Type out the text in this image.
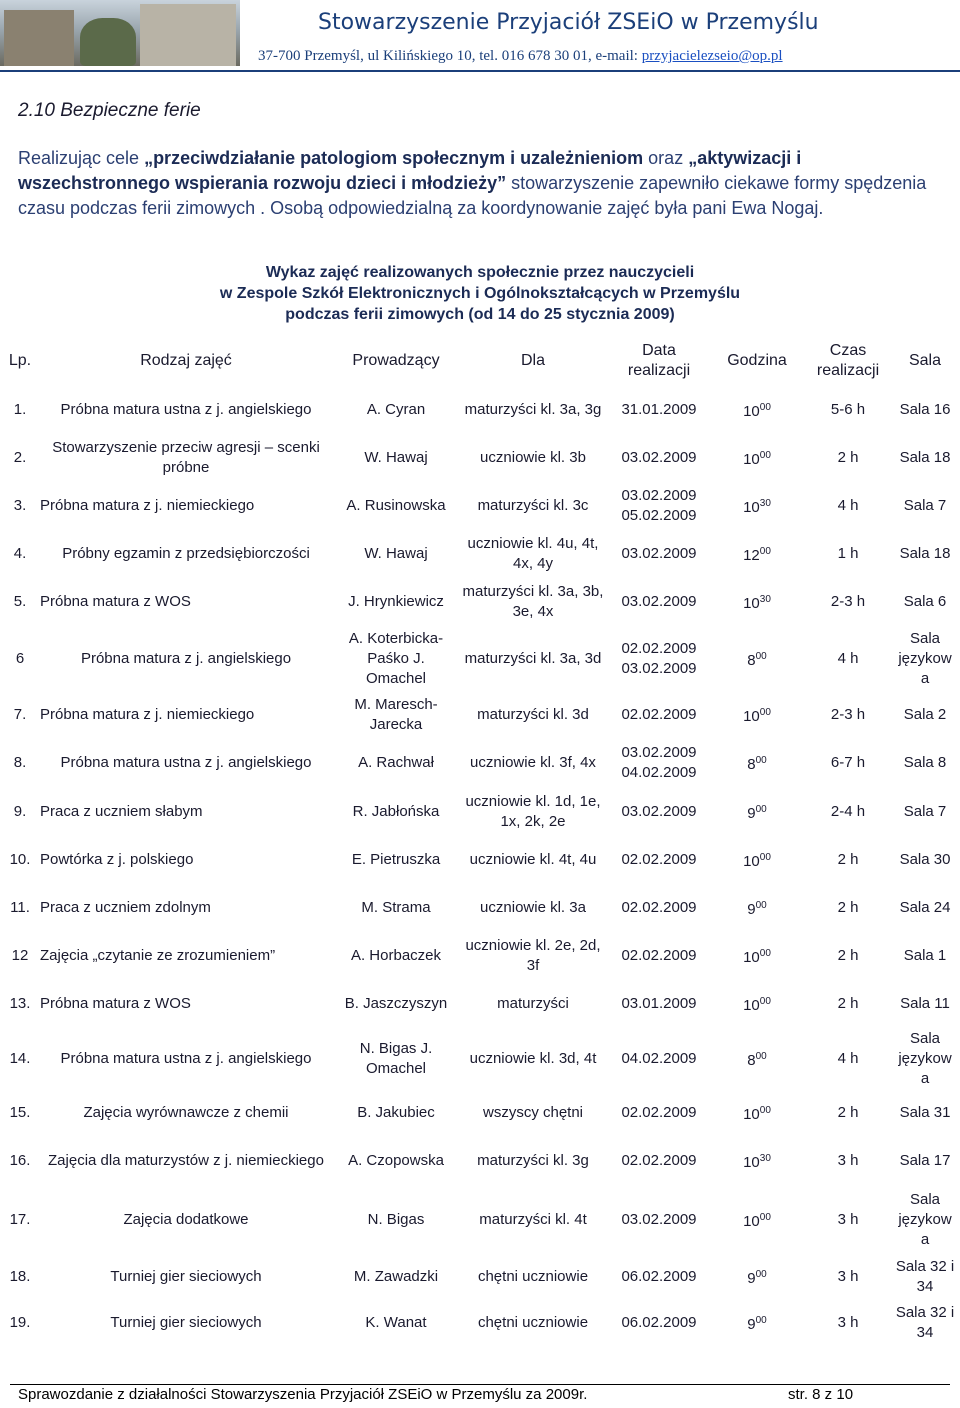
Stowarzyszenie Przyjaciół ZSEiO w Przemyślu
37-700 Przemyśl, ul Kilińskiego 10, tel. 016 678 30 01, e-mail: przyjacielezseio@op.pl
2.10 Bezpieczne ferie
Realizując cele „przeciwdziałanie patologiom społecznym i uzależnieniom oraz „aktywizacji i wszechstronnego wspierania rozwoju dzieci i młodzieży” stowarzyszenie zapewniło ciekawe formy spędzenia czasu podczas ferii zimowych . Osobą odpowiedzialną za koordynowanie zajęć była pani Ewa Nogaj.
Wykaz zajęć realizowanych społecznie przez nauczycieli
w Zespole Szkół Elektronicznych i Ogólnokształcących w Przemyślu
podczas ferii zimowych (od 14 do 25 stycznia 2009)
Lp.	Rodzaj zajęć	Prowadzący	Dla	Data realizacji	Godzina	Czas realizacji	Sala
1.	Próbna matura ustna z j. angielskiego	A. Cyran	maturzyści kl. 3a, 3g	31.01.2009	$10^{00}$	5-6 h	Sala 16
2.	Stowarzyszenie przeciw agresji – scenki próbne	W. Hawaj	uczniowie kl. 3b	03.02.2009	$10^{00}$	2 h	Sala 18
3.	Próbna matura z j. niemieckiego	A. Rusinowska	maturzyści kl. 3c	03.02.2009 05.02.2009	$10^{30}$	4 h	Sala 7
4.	Próbny egzamin z przedsiębiorczości	W. Hawaj	uczniowie kl. 4u, 4t, 4x, 4y	03.02.2009	$12^{00}$	1 h	Sala 18
5.	Próbna matura z WOS	J. Hrynkiewicz	maturzyści kl. 3a, 3b, 3e, 4x	03.02.2009	$10^{30}$	2-3 h	Sala 6
6	Próbna matura z j. angielskiego	A. Koterbicka-Paśko J. Omachel	maturzyści kl. 3a, 3d	02.02.2009 03.02.2009	$8^{00}$	4 h	Sala językow a
7.	Próbna matura z j. niemieckiego	M. Maresch-Jarecka	maturzyści kl. 3d	02.02.2009	$10^{00}$	2-3 h	Sala 2
8.	Próbna matura ustna z j. angielskiego	A. Rachwał	uczniowie kl. 3f, 4x	03.02.2009 04.02.2009	$8^{00}$	6-7 h	Sala 8
9.	Praca z uczniem słabym	R. Jabłońska	uczniowie kl. 1d, 1e, 1x, 2k, 2e	03.02.2009	$9^{00}$	2-4 h	Sala 7
10.	Powtórka z j. polskiego	E. Pietruszka	uczniowie kl. 4t, 4u	02.02.2009	$10^{00}$	2 h	Sala 30
11.	Praca z uczniem zdolnym	M. Strama	uczniowie kl. 3a	02.02.2009	$9^{00}$	2 h	Sala 24
12	Zajęcia „czytanie ze zrozumieniem”	A. Horbaczek	uczniowie kl. 2e, 2d, 3f	02.02.2009	$10^{00}$	2 h	Sala 1
13.	Próbna matura z WOS	B. Jaszczyszyn	maturzyści	03.01.2009	$10^{00}$	2 h	Sala 11
14.	Próbna matura ustna z j. angielskiego	N. Bigas J. Omachel	uczniowie kl. 3d, 4t	04.02.2009	$8^{00}$	4 h	Sala językow a
15.	Zajęcia wyrównawcze z chemii	B. Jakubiec	wszyscy chętni	02.02.2009	$10^{00}$	2 h	Sala 31
16.	Zajęcia dla maturzystów z j. niemieckiego	A. Czopowska	maturzyści kl. 3g	02.02.2009	$10^{30}$	3 h	Sala 17
17.	Zajęcia dodatkowe	N. Bigas	maturzyści kl. 4t	03.02.2009	$10^{00}$	3 h	Sala językow a
18.	Turniej gier sieciowych	M. Zawadzki	chętni uczniowie	06.02.2009	$9^{00}$	3 h	Sala 32 i 34
19.	Turniej gier sieciowych	K. Wanat	chętni uczniowie	06.02.2009	$9^{00}$	3 h	Sala 32 i 34
Sprawozdanie z działalności Stowarzyszenia Przyjaciół ZSEiO w Przemyślu za 2009r.	str. 8 z 10
